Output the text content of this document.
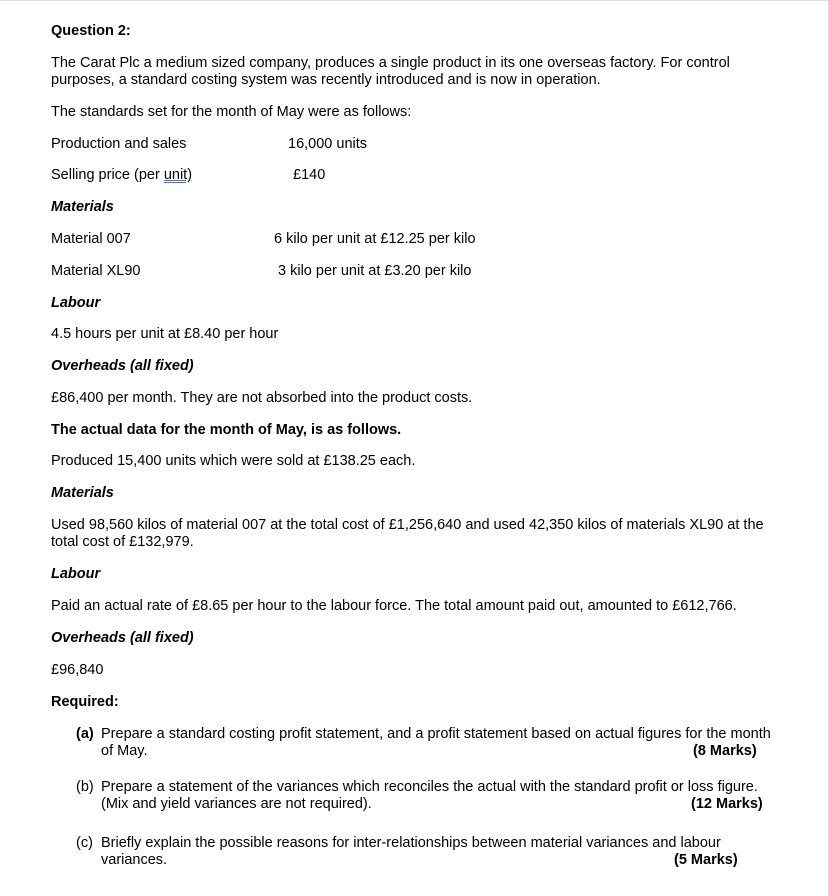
Question 2:
The Carat Plc a medium sized company, produces a single product in its one overseas factory. For control purposes, a standard costing system was recently introduced and is now in operation.
The standards set for the month of May were as follows:
Production and sales	16,000 units
Selling price (per unit)	£140
Materials
Material 007	6 kilo per unit at £12.25 per kilo
Material XL90	3 kilo per unit at £3.20 per kilo
Labour
4.5 hours per unit at £8.40 per hour
Overheads (all fixed)
£86,400 per month. They are not absorbed into the product costs.
The actual data for the month of May, is as follows.
Produced 15,400 units which were sold at £138.25 each.
Materials
Used 98,560 kilos of material 007 at the total cost of £1,256,640 and used 42,350 kilos of materials XL90 at the total cost of £132,979.
Labour
Paid an actual rate of £8.65 per hour to the labour force. The total amount paid out, amounted to £612,766.
Overheads (all fixed)
£96,840
Required:
(a) Prepare a standard costing profit statement, and a profit statement based on actual figures for the month of May.	(8 Marks)
(b) Prepare a statement of the variances which reconciles the actual with the standard profit or loss figure. (Mix and yield variances are not required).	(12 Marks)
(c) Briefly explain the possible reasons for inter-relationships between material variances and labour variances.	(5 Marks)
